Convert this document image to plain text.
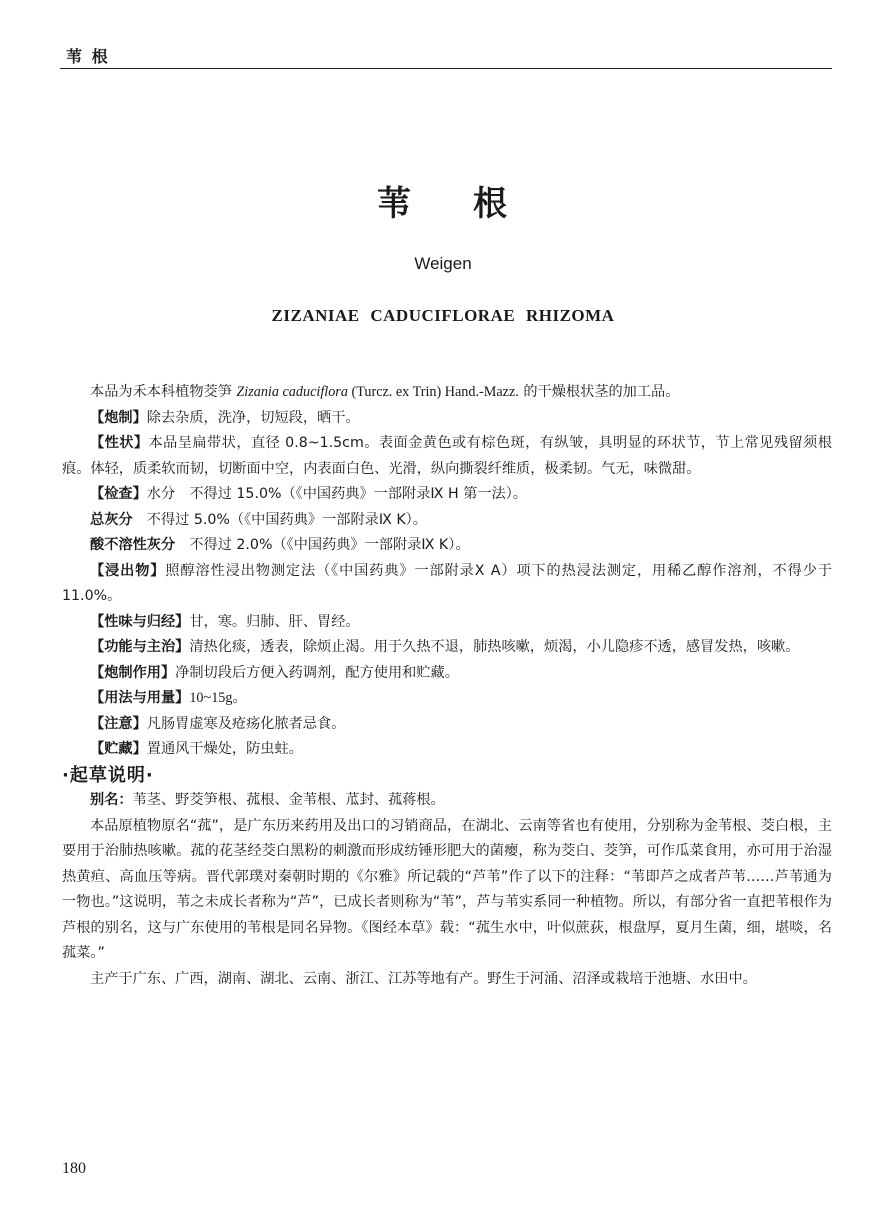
苇 根
苇 根
Weigen
ZIZANIAE CADUCIFLORAE RHIZOMA

本品为禾本科植物茭笋 Zizania caduciflora (Turcz. ex Trin) Hand.-Mazz. 的干燥根状茎的加工品。

【炮制】除去杂质，洗净，切短段，晒干。

【性状】本品呈扁带状，直径 0.8~1.5cm。表面金黄色或有棕色斑，有纵皱，具明显的环状节，节上常见残留须根痕。体轻，质柔软而韧，切断面中空，内表面白色、光滑，纵向撕裂纤维质，极柔韧。气无，味微甜。

【检查】水分　不得过 15.0%（《中国药典》一部附录Ⅸ H 第一法）。

总灰分　不得过 5.0%（《中国药典》一部附录Ⅸ K）。

酸不溶性灰分　不得过 2.0%（《中国药典》一部附录Ⅸ K）。

【浸出物】照醇溶性浸出物测定法（《中国药典》一部附录Ⅹ A）项下的热浸法测定，用稀乙醇作溶剂，不得少于 11.0%。

【性味与归经】甘，寒。归肺、肝、胃经。

【功能与主治】清热化痰，透表，除烦止渴。用于久热不退，肺热咳嗽，烦渴，小儿隐疹不透，感冒发热，咳嗽。

【炮制作用】净制切段后方便入药调剂，配方使用和贮藏。

【用法与用量】10~15g。

【注意】凡肠胃虚寒及疮疡化脓者忌食。

【贮藏】置通风干燥处，防虫蛀。

·起草说明·

别名：苇茎、野茭笋根、菰根、金苇根、苽封、菰蒋根。

本品原植物原名“菰”，是广东历来药用及出口的习销商品，在湖北、云南等省也有使用，分别称为金苇根、茭白根，主要用于治肺热咳嗽。菰的花茎经茭白黑粉的刺激而形成纺锤形肥大的菌瘿，称为茭白、茭笋，可作瓜菜食用，亦可用于治湿热黄疸、高血压等病。晋代郭璞对秦朝时期的《尔雅》所记载的“芦苇”作了以下的注释：“苇即芦之成者芦苇……芦苇通为一物也。”这说明，苇之未成长者称为“芦”，已成长者则称为“苇”，芦与苇实系同一种植物。所以，有部分省一直把苇根作为芦根的别名，这与广东使用的苇根是同名异物。《图经本草》载：“菰生水中，叶似蔗荻，根盘厚，夏月生菌，细，堪啖，名菰菜。”

主产于广东、广西，湖南、湖北、云南、浙江、江苏等地有产。野生于河涌、沼泽或栽培于池塘、水田中。

180
